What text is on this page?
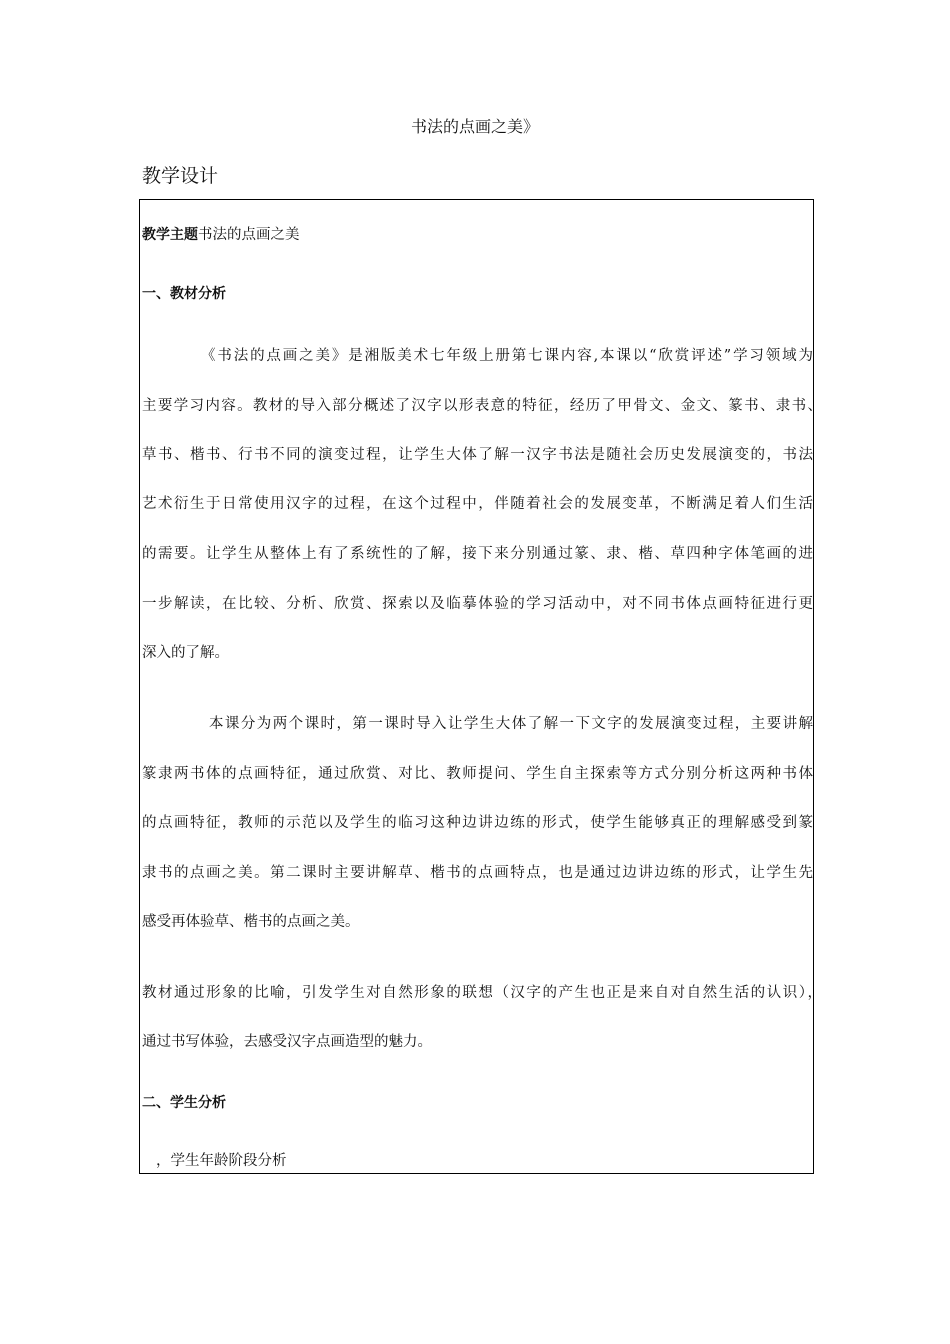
书法的点画之美》
教学设计
教学主题书法的点画之美
一、教材分析
《书法的点画之美》是湘版美术七年级上册第七课内容,本课以“欣赏评述”学习领域为
主要学习内容。教材的导入部分概述了汉字以形表意的特征，经历了甲骨文、金文、篆书、隶书、
草书、楷书、行书不同的演变过程，让学生大体了解一汉字书法是随社会历史发展演变的，书法
艺术衍生于日常使用汉字的过程，在这个过程中，伴随着社会的发展变革，不断满足着人们生活
的需要。让学生从整体上有了系统性的了解，接下来分别通过篆、隶、楷、草四种字体笔画的进
一步解读，在比较、分析、欣赏、探索以及临摹体验的学习活动中，对不同书体点画特征进行更
深入的了解。
本课分为两个课时，第一课时导入让学生大体了解一下文字的发展演变过程，主要讲解
篆隶两书体的点画特征，通过欣赏、对比、教师提问、学生自主探索等方式分别分析这两种书体
的点画特征，教师的示范以及学生的临习这种边讲边练的形式，使学生能够真正的理解感受到篆
隶书的点画之美。第二课时主要讲解草、楷书的点画特点，也是通过边讲边练的形式，让学生先
感受再体验草、楷书的点画之美。
教材通过形象的比喻，引发学生对自然形象的联想（汉字的产生也正是来自对自然生活的认识），
通过书写体验，去感受汉字点画造型的魅力。
二、学生分析
，学生年龄阶段分析
